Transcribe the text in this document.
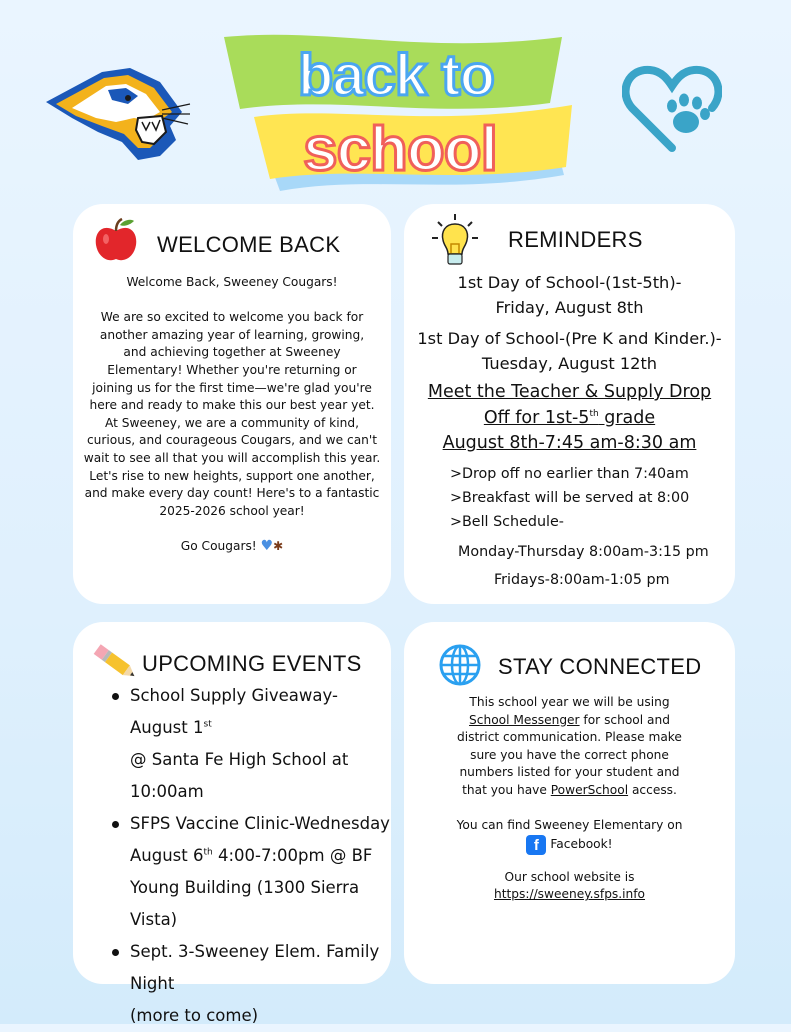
back to
school
WELCOME BACK
Welcome Back, Sweeney Cougars!
We are so excited to welcome you back for another amazing year of learning, growing, and achieving together at Sweeney Elementary! Whether you're returning or joining us for the first time—we're glad you're here and ready to make this our best year yet.
At Sweeney, we are a community of kind, curious, and courageous Cougars, and we can't wait to see all that you will accomplish this year. Let's rise to new heights, support one another, and make every day count! Here's to a fantastic 2025-2026 school year!
Go Cougars! ♥✱
REMINDERS
1st Day of School-(1st-5th)-
Friday, August 8th
1st Day of School-(Pre K and Kinder.)-
Tuesday, August 12th
Meet the Teacher & Supply Drop
Off for 1st-5th grade
August 8th-7:45 am-8:30 am
>Drop off no earlier than 7:40am
>Breakfast will be served at 8:00
>Bell Schedule-
Monday-Thursday 8:00am-3:15 pm
Fridays-8:00am-1:05 pm
UPCOMING EVENTS
School Supply Giveaway-August 1st
@ Santa Fe High School at 10:00am
SFPS Vaccine Clinic-Wednesday
August 6th 4:00-7:00pm @ BF
Young Building (1300 Sierra Vista)
Sept. 3-Sweeney Elem. Family Night
(more to come)
STAY CONNECTED
This school year we will be using
School Messenger for school and
district communication. Please make
sure you have the correct phone
numbers listed for your student and
that you have PowerSchool access.
You can find Sweeney Elementary on
f Facebook!
Our school website is
https://sweeney.sfps.info
